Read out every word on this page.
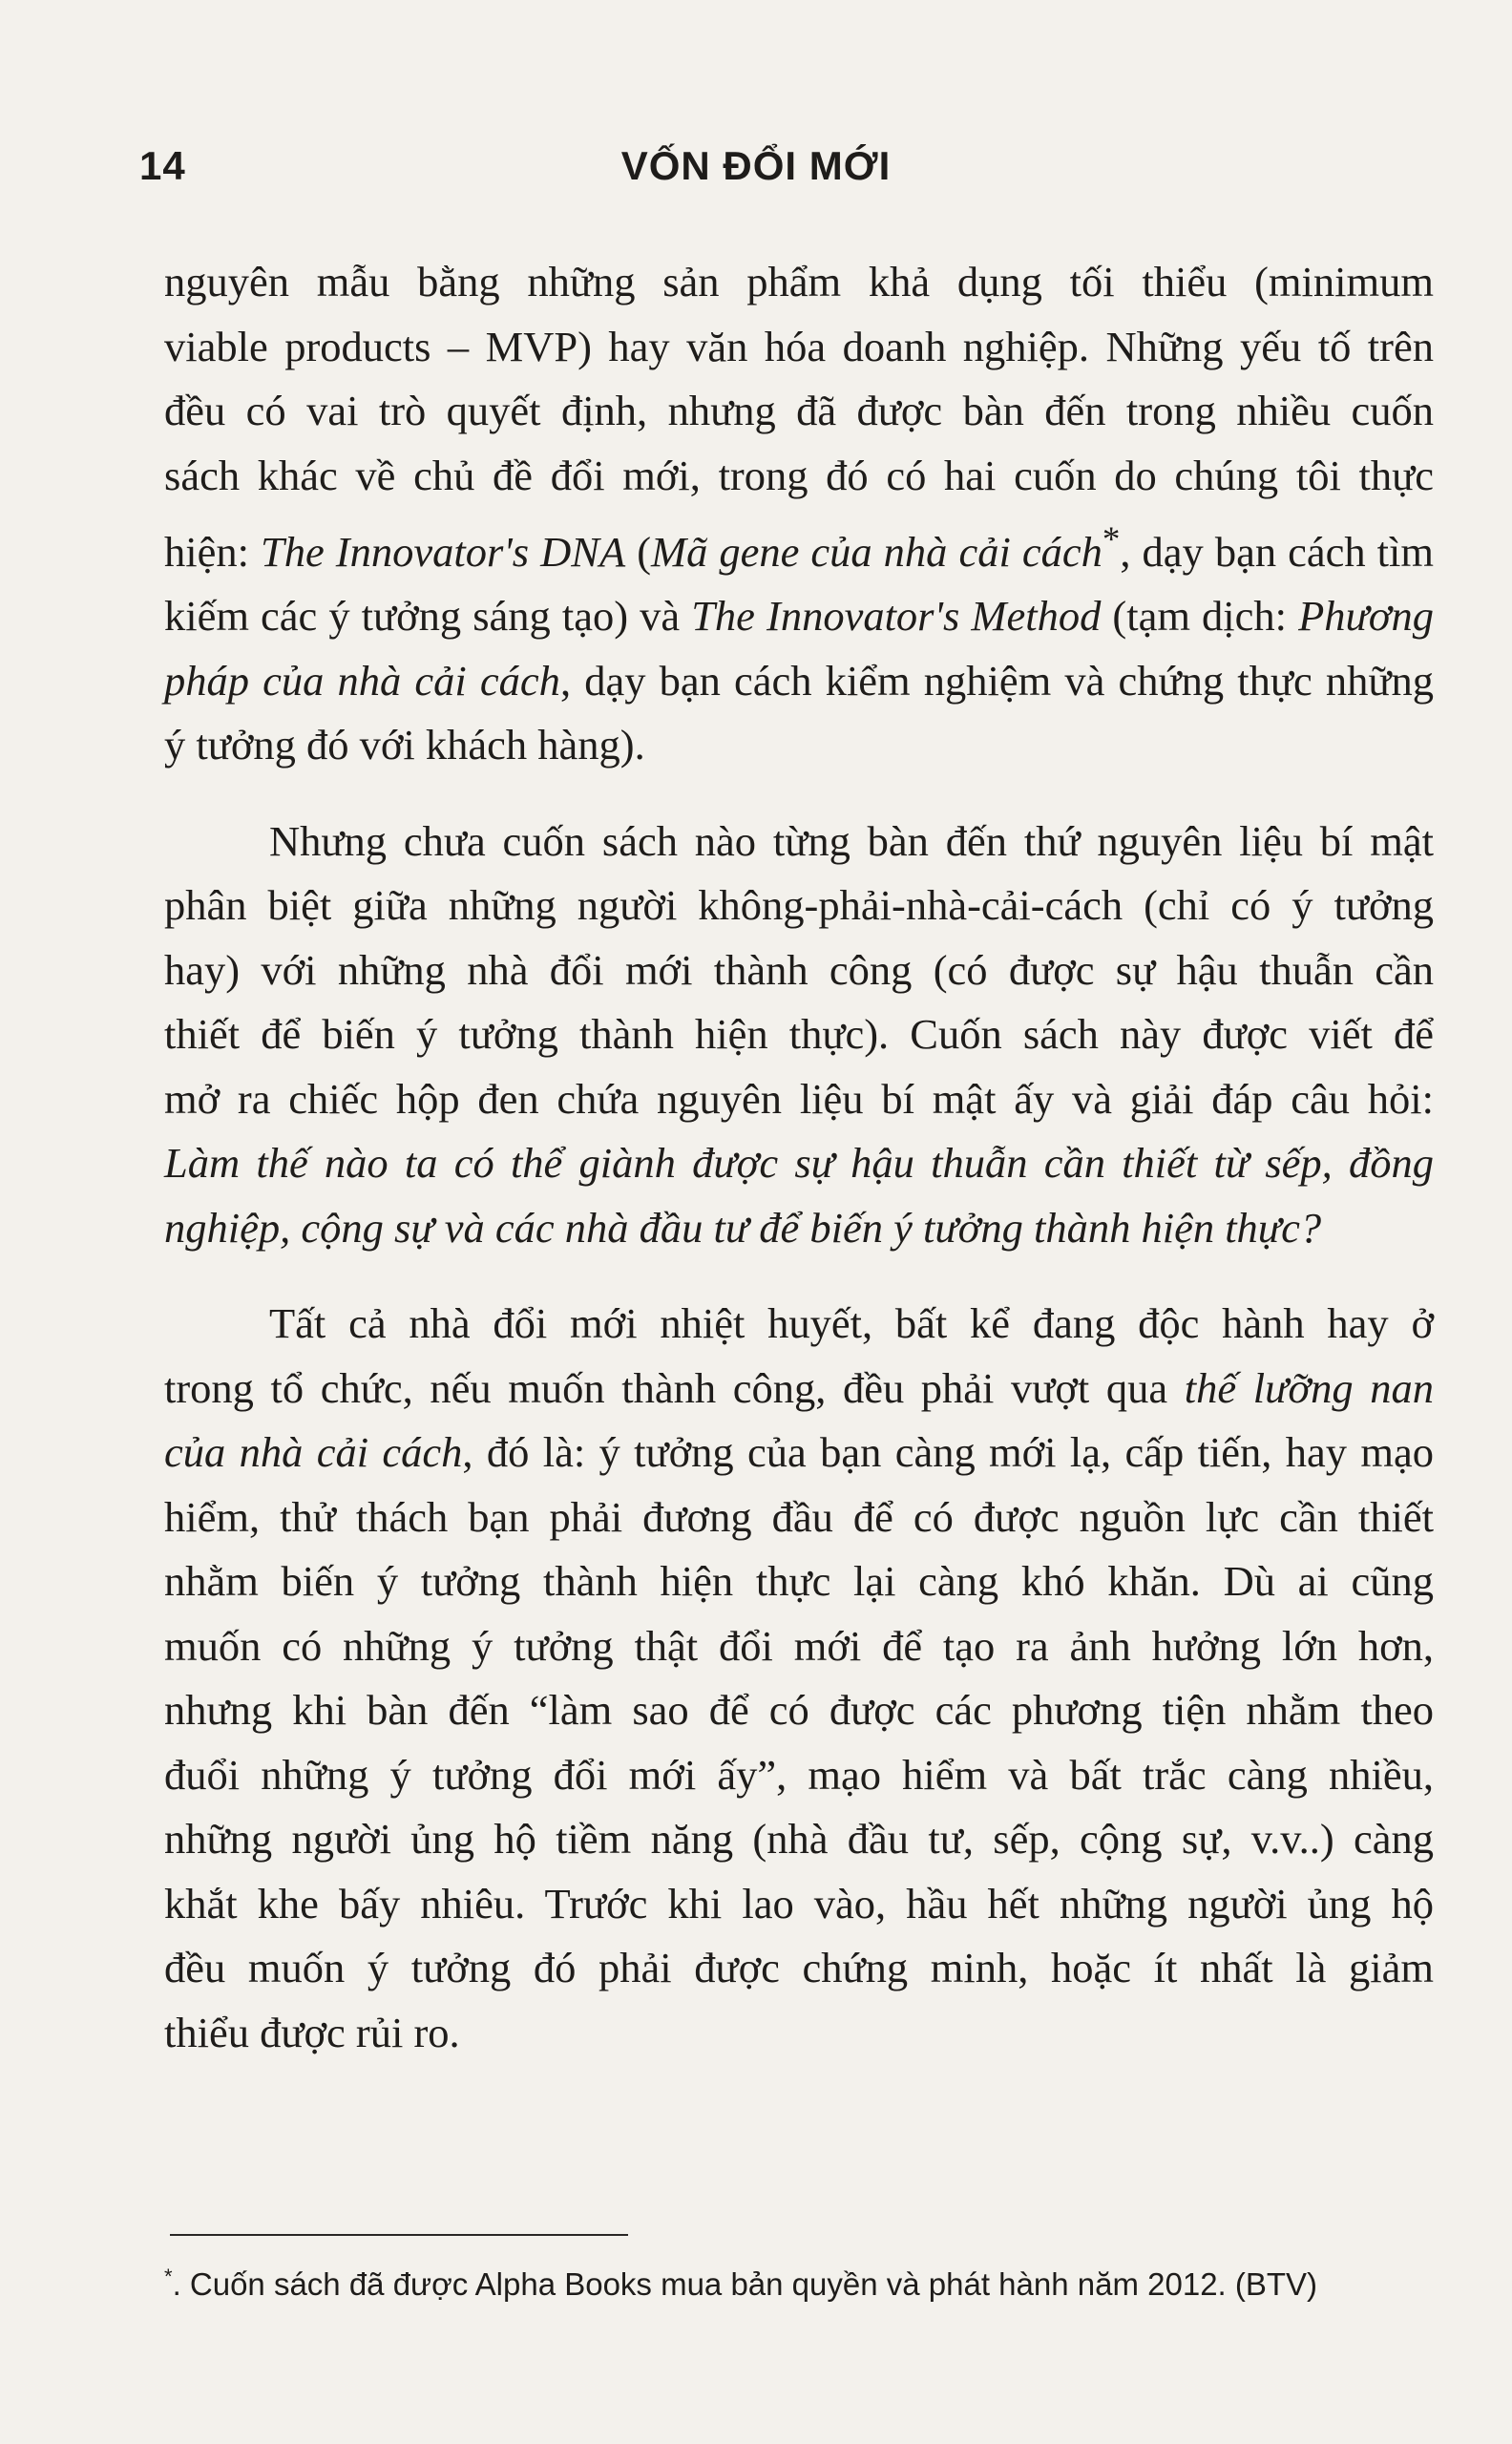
14	VỐN ĐỔI MỚI
nguyên mẫu bằng những sản phẩm khả dụng tối thiểu (minimum
viable products – MVP) hay văn hóa doanh nghiệp. Những yếu tố trên
đều có vai trò quyết định, nhưng đã được bàn đến trong nhiều cuốn
sách khác về chủ đề đổi mới, trong đó có hai cuốn do chúng tôi thực
hiện: The Innovator's DNA (Mã gene của nhà cải cách*, dạy bạn cách tìm
kiếm các ý tưởng sáng tạo) và The Innovator's Method (tạm dịch: Phương
pháp của nhà cải cách, dạy bạn cách kiểm nghiệm và chứng thực những
ý tưởng đó với khách hàng).
Nhưng chưa cuốn sách nào từng bàn đến thứ nguyên liệu bí mật
phân biệt giữa những người không-phải-nhà-cải-cách (chỉ có ý tưởng
hay) với những nhà đổi mới thành công (có được sự hậu thuẫn cần
thiết để biến ý tưởng thành hiện thực). Cuốn sách này được viết để
mở ra chiếc hộp đen chứa nguyên liệu bí mật ấy và giải đáp câu hỏi:
Làm thế nào ta có thể giành được sự hậu thuẫn cần thiết từ sếp, đồng
nghiệp, cộng sự và các nhà đầu tư để biến ý tưởng thành hiện thực?
Tất cả nhà đổi mới nhiệt huyết, bất kể đang độc hành hay ở
trong tổ chức, nếu muốn thành công, đều phải vượt qua thế lưỡng nan
của nhà cải cách, đó là: ý tưởng của bạn càng mới lạ, cấp tiến, hay mạo
hiểm, thử thách bạn phải đương đầu để có được nguồn lực cần thiết
nhằm biến ý tưởng thành hiện thực lại càng khó khăn. Dù ai cũng
muốn có những ý tưởng thật đổi mới để tạo ra ảnh hưởng lớn hơn,
nhưng khi bàn đến “làm sao để có được các phương tiện nhằm theo
đuổi những ý tưởng đổi mới ấy”, mạo hiểm và bất trắc càng nhiều,
những người ủng hộ tiềm năng (nhà đầu tư, sếp, cộng sự, v.v..) càng
khắt khe bấy nhiêu. Trước khi lao vào, hầu hết những người ủng hộ
đều muốn ý tưởng đó phải được chứng minh, hoặc ít nhất là giảm
thiểu được rủi ro.
*. Cuốn sách đã được Alpha Books mua bản quyền và phát hành năm 2012. (BTV)
